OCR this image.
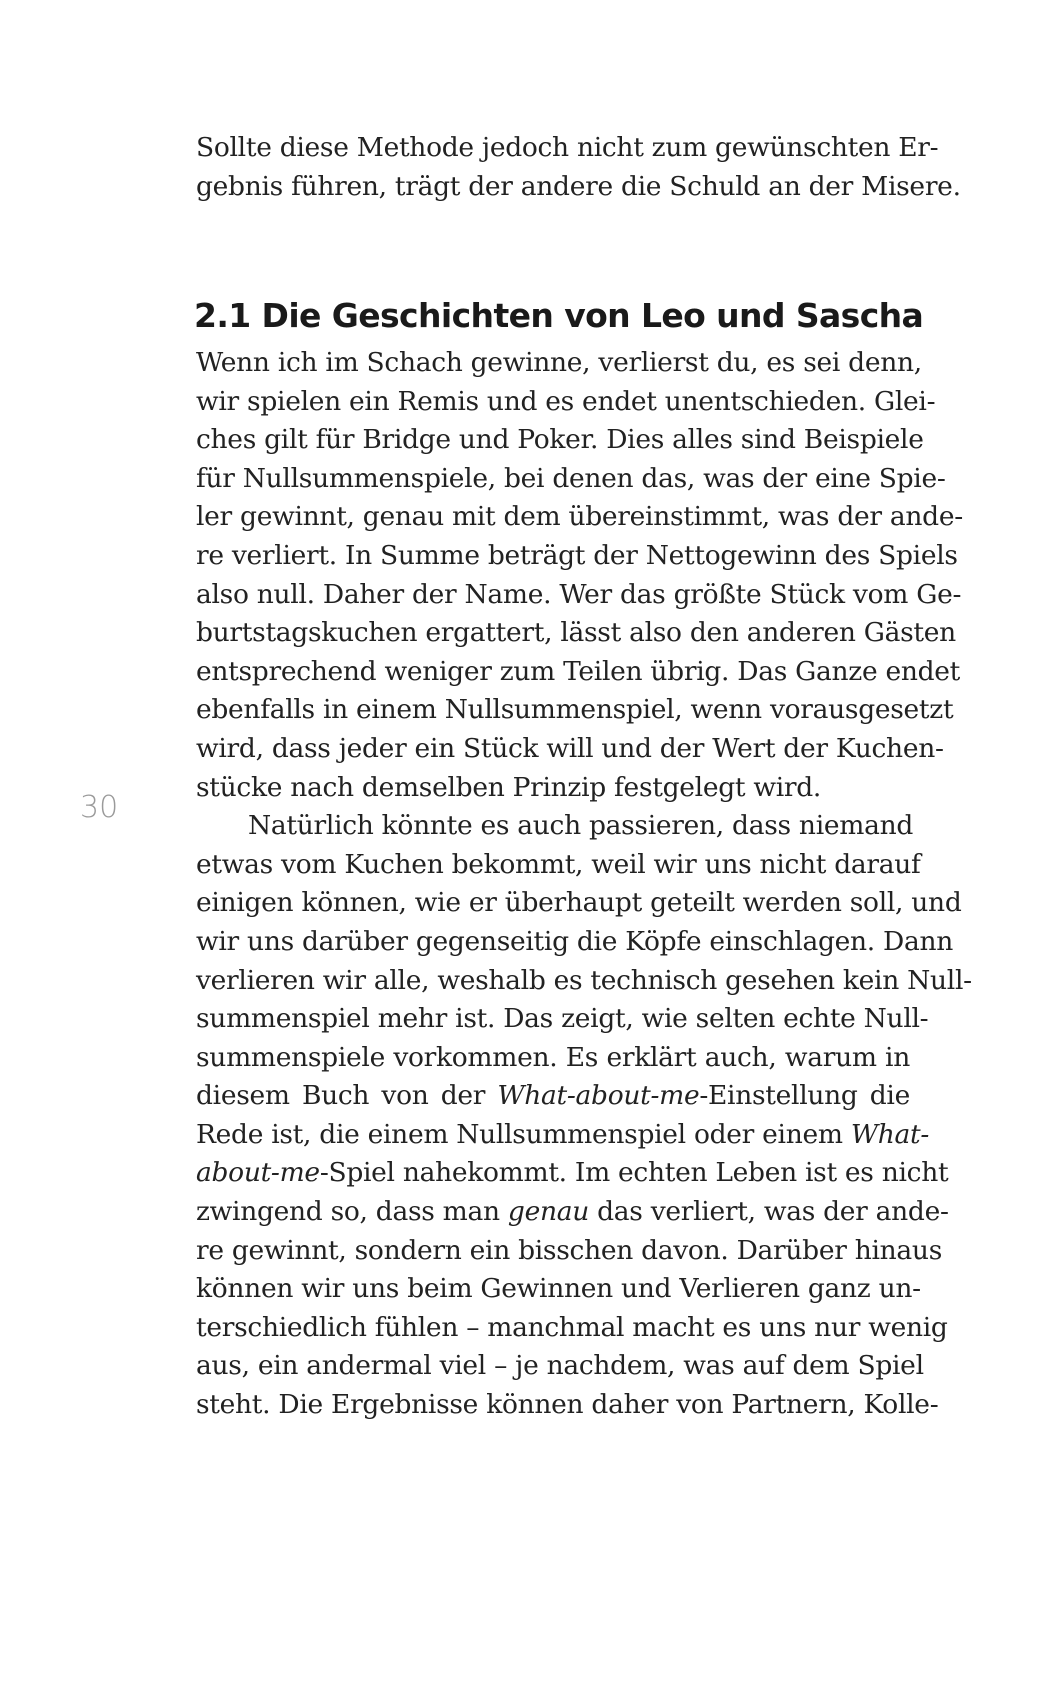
Sollte diese Methode jedoch nicht zum gewünschten Er-
gebnis führen, trägt der andere die Schuld an der Misere.
2.1 Die Geschichten von Leo und Sascha
Wenn ich im Schach gewinne, verlierst du, es sei denn,
wir spielen ein Remis und es endet unentschieden. Glei-
ches gilt für Bridge und Poker. Dies alles sind Beispiele
für Nullsummenspiele, bei denen das, was der eine Spie-
ler gewinnt, genau mit dem übereinstimmt, was der ande-
re verliert. In Summe beträgt der Nettogewinn des Spiels
also null. Daher der Name. Wer das größte Stück vom Ge-
burtstagskuchen ergattert, lässt also den anderen Gästen
entsprechend weniger zum Teilen übrig. Das Ganze endet
ebenfalls in einem Nullsummenspiel, wenn vorausgesetzt
wird, dass jeder ein Stück will und der Wert der Kuchen-
stücke nach demselben Prinzip festgelegt wird.
Natürlich könnte es auch passieren, dass niemand
etwas vom Kuchen bekommt, weil wir uns nicht darauf
einigen können, wie er überhaupt geteilt werden soll, und
wir uns darüber gegenseitig die Köpfe einschlagen. Dann
verlieren wir alle, weshalb es technisch gesehen kein Null-
summenspiel mehr ist. Das zeigt, wie selten echte Null-
summenspiele vorkommen. Es erklärt auch, warum in
diesem Buch von der What-about-me-Einstellung die
Rede ist, die einem Nullsummenspiel oder einem What-
about-me-Spiel nahekommt. Im echten Leben ist es nicht
zwingend so, dass man genau das verliert, was der ande-
re gewinnt, sondern ein bisschen davon. Darüber hinaus
können wir uns beim Gewinnen und Verlieren ganz un-
terschiedlich fühlen – manchmal macht es uns nur wenig
aus, ein andermal viel – je nachdem, was auf dem Spiel
steht. Die Ergebnisse können daher von Partnern, Kolle-
30
